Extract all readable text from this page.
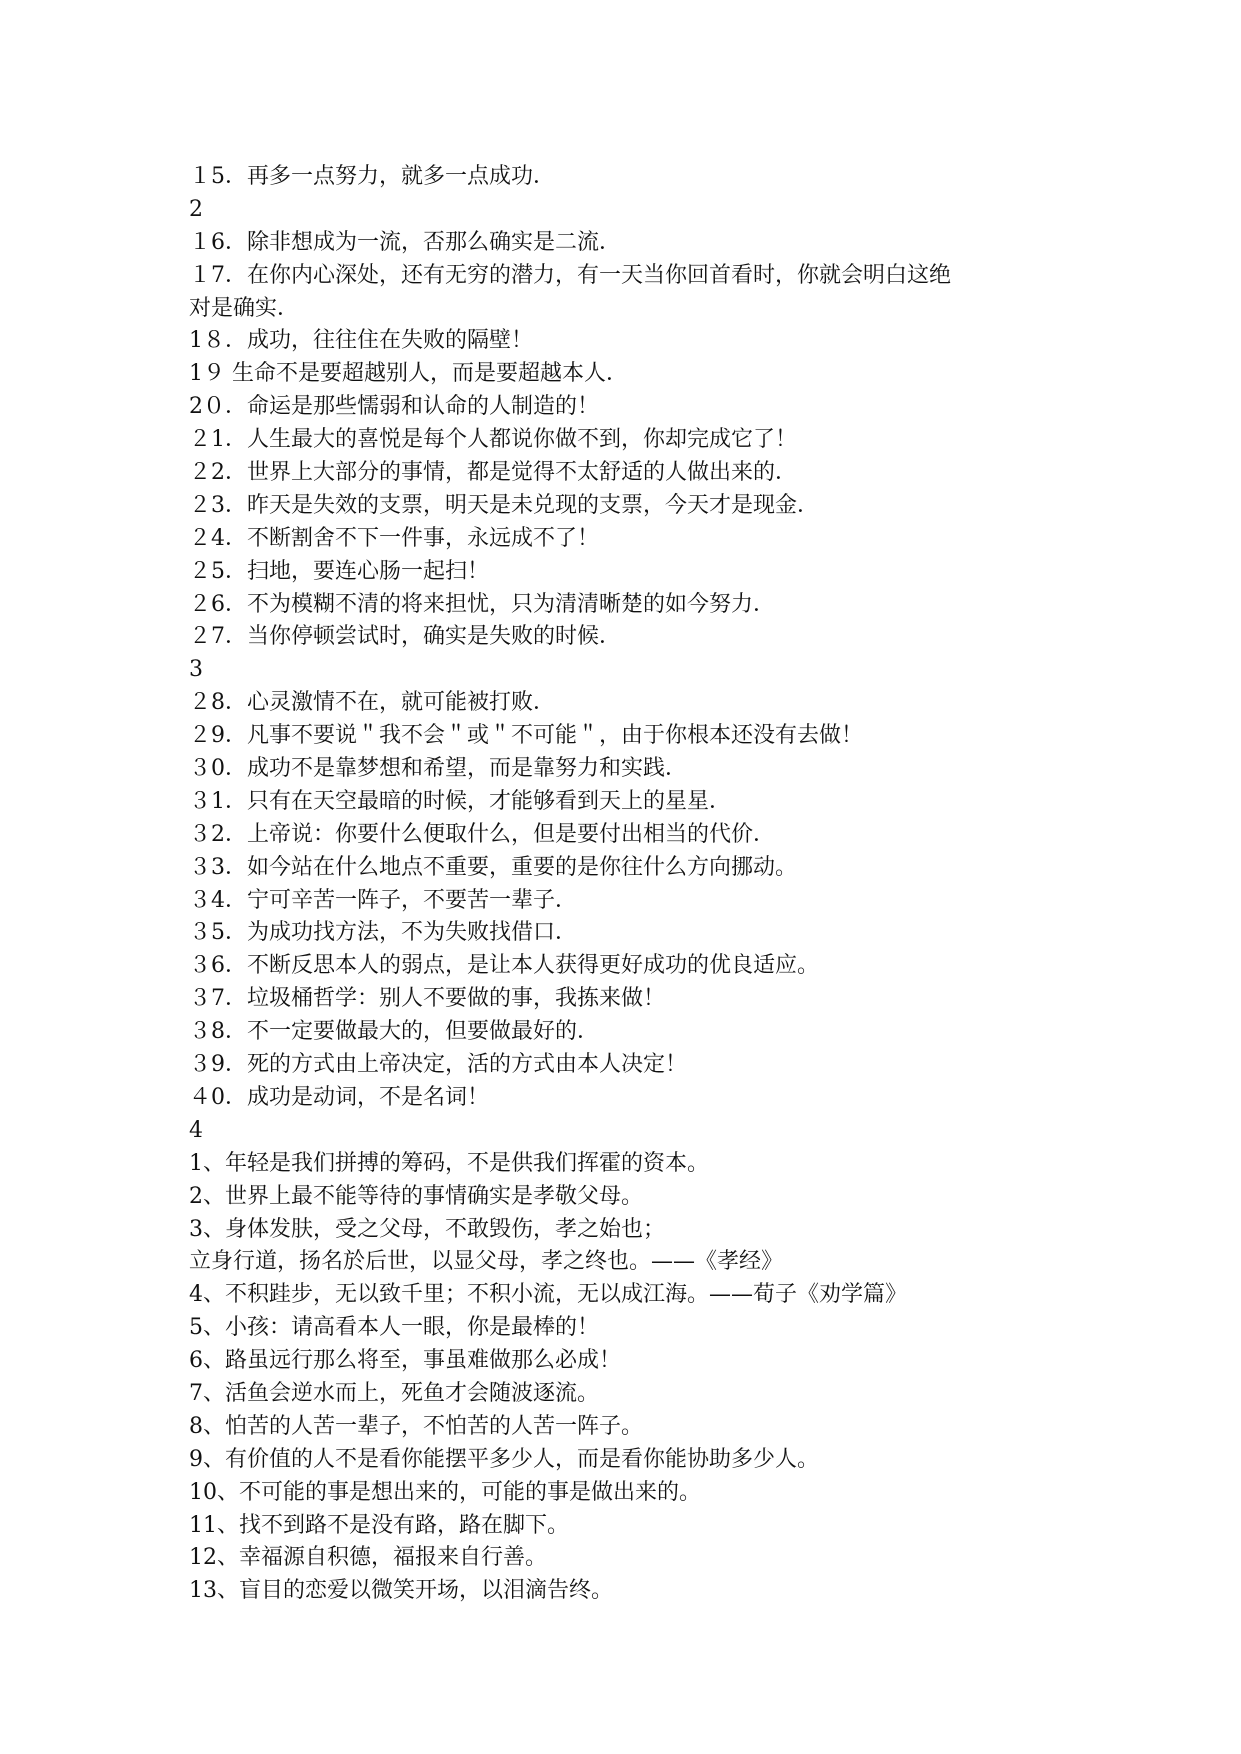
１5．再多一点努力，就多一点成功．
2
１6．除非想成为一流，否那么确实是二流．
１7．在你内心深处，还有无穷的潜力，有一天当你回首看时，你就会明白这绝
对是确实．
1８．成功，往往住在失败的隔壁！
1９ 生命不是要超越别人，而是要超越本人．
2０．命运是那些懦弱和认命的人制造的！
２1．人生最大的喜悦是每个人都说你做不到，你却完成它了！
２2．世界上大部分的事情，都是觉得不太舒适的人做出来的．
２3．昨天是失效的支票，明天是未兑现的支票，今天才是现金．
２4．不断割舍不下一件事，永远成不了！
２5．扫地，要连心肠一起扫！
２6．不为模糊不清的将来担忧，只为清清晰楚的如今努力．
２7．当你停顿尝试时，确实是失败的时候．
3
２8．心灵激情不在，就可能被打败．
２9．凡事不要说＂我不会＂或＂不可能＂，由于你根本还没有去做！
３0．成功不是靠梦想和希望，而是靠努力和实践．
３1．只有在天空最暗的时候，才能够看到天上的星星．
３2．上帝说：你要什么便取什么，但是要付出相当的代价．
３3．如今站在什么地点不重要，重要的是你往什么方向挪动。
３4．宁可辛苦一阵子，不要苦一辈子．
３5．为成功找方法，不为失败找借口．
３6．不断反思本人的弱点，是让本人获得更好成功的优良适应。
３7．垃圾桶哲学：别人不要做的事，我拣来做！
３8．不一定要做最大的，但要做最好的．
３9．死的方式由上帝决定，活的方式由本人决定！
４0．成功是动词，不是名词！
4
1、年轻是我们拼搏的筹码，不是供我们挥霍的资本。
2、世界上最不能等待的事情确实是孝敬父母。
3、身体发肤，受之父母，不敢毁伤，孝之始也；
立身行道，扬名於后世，以显父母，孝之终也。——《孝经》
4、不积跬步，无以致千里；不积小流，无以成江海。——荀子《劝学篇》
5、小孩：请高看本人一眼，你是最棒的！
6、路虽远行那么将至，事虽难做那么必成！
7、活鱼会逆水而上，死鱼才会随波逐流。
8、怕苦的人苦一辈子，不怕苦的人苦一阵子。
9、有价值的人不是看你能摆平多少人，而是看你能协助多少人。
10、不可能的事是想出来的，可能的事是做出来的。
11、找不到路不是没有路，路在脚下。
12、幸福源自积德，福报来自行善。
13、盲目的恋爱以微笑开场，以泪滴告终。
